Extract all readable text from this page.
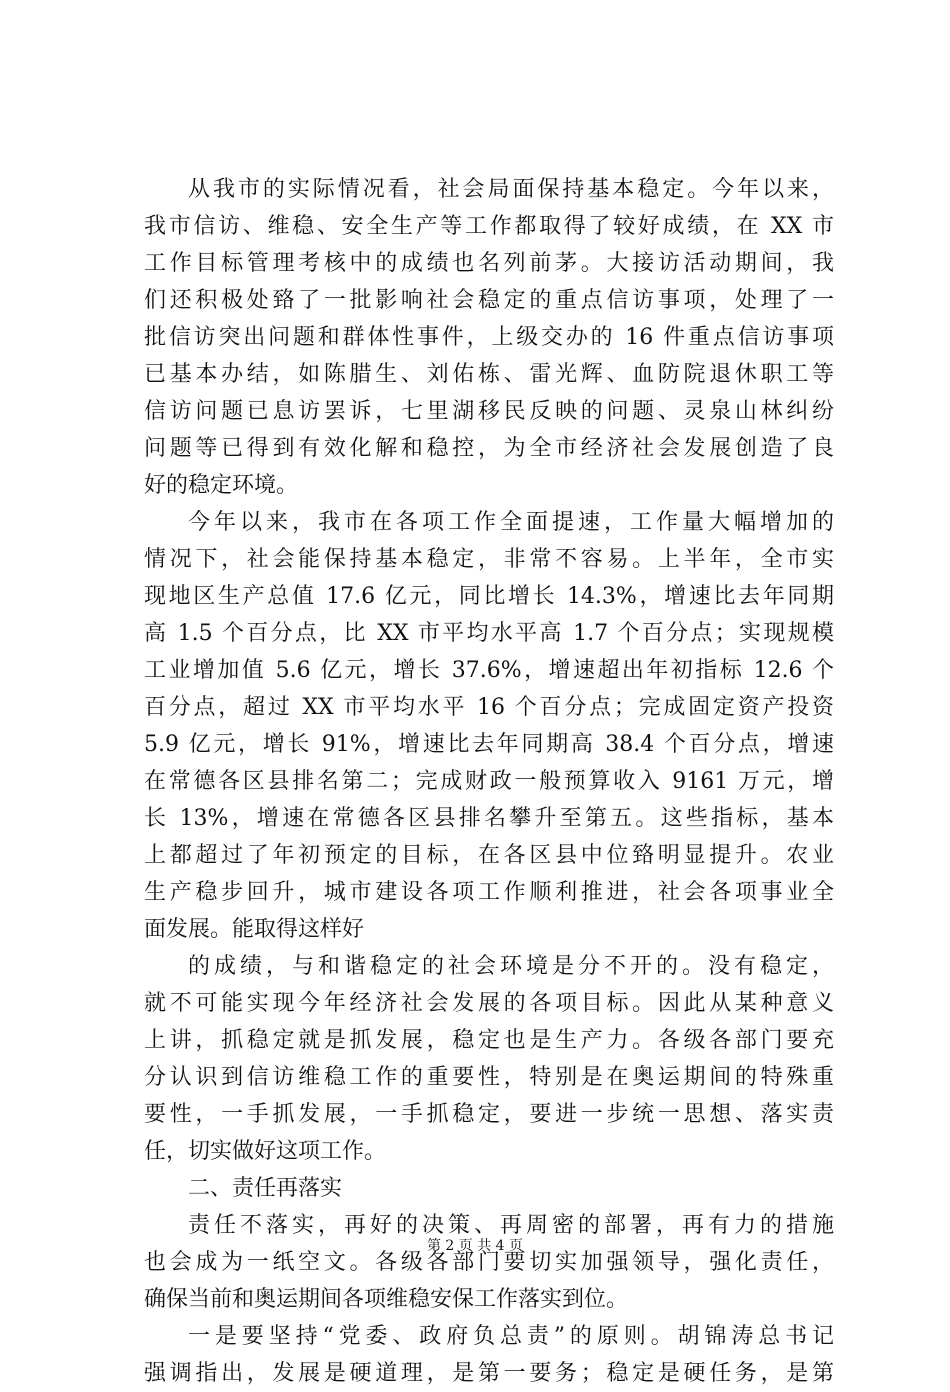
从我市的实际情况看，社会局面保持基本稳定。今年以来，
我市信访、维稳、安全生产等工作都取得了较好成绩，在 XX 市
工作目标管理考核中的成绩也名列前茅。大接访活动期间，我
们还积极处臵了一批影响社会稳定的重点信访事项，处理了一
批信访突出问题和群体性事件，上级交办的 16 件重点信访事项
已基本办结，如陈腊生、刘佑栋、雷光辉、血防院退休职工等
信访问题已息访罢诉，七里湖移民反映的问题、灵泉山林纠纷
问题等已得到有效化解和稳控，为全市经济社会发展创造了良
好的稳定环境。
今年以来，我市在各项工作全面提速，工作量大幅增加的
情况下，社会能保持基本稳定，非常不容易。上半年，全市实
现地区生产总值 17.6 亿元，同比增长 14.3%，增速比去年同期
高 1.5 个百分点，比 XX 市平均水平高 1.7 个百分点；实现规模
工业增加值 5.6 亿元，增长 37.6%，增速超出年初指标 12.6 个
百分点，超过 XX 市平均水平 16 个百分点；完成固定资产投资
5.9 亿元，增长 91%，增速比去年同期高 38.4 个百分点，增速
在常德各区县排名第二；完成财政一般预算收入 9161 万元，增
长 13%，增速在常德各区县排名攀升至第五。这些指标，基本
上都超过了年初预定的目标，在各区县中位臵明显提升。农业
生产稳步回升，城市建设各项工作顺利推进，社会各项事业全
面发展。能取得这样好
的成绩，与和谐稳定的社会环境是分不开的。没有稳定，
就不可能实现今年经济社会发展的各项目标。因此从某种意义
上讲，抓稳定就是抓发展，稳定也是生产力。各级各部门要充
分认识到信访维稳工作的重要性，特别是在奥运期间的特殊重
要性，一手抓发展，一手抓稳定，要进一步统一思想、落实责
任，切实做好这项工作。
二、责任再落实
责任不落实，再好的决策、再周密的部署，再有力的措施
也会成为一纸空文。各级各部门要切实加强领导，强化责任，
确保当前和奥运期间各项维稳安保工作落实到位。
一是要坚持“党委、政府负总责”的原则。胡锦涛总书记
强调指出，发展是硬道理，是第一要务；稳定是硬任务，是第
第 2 页 共 4 页
